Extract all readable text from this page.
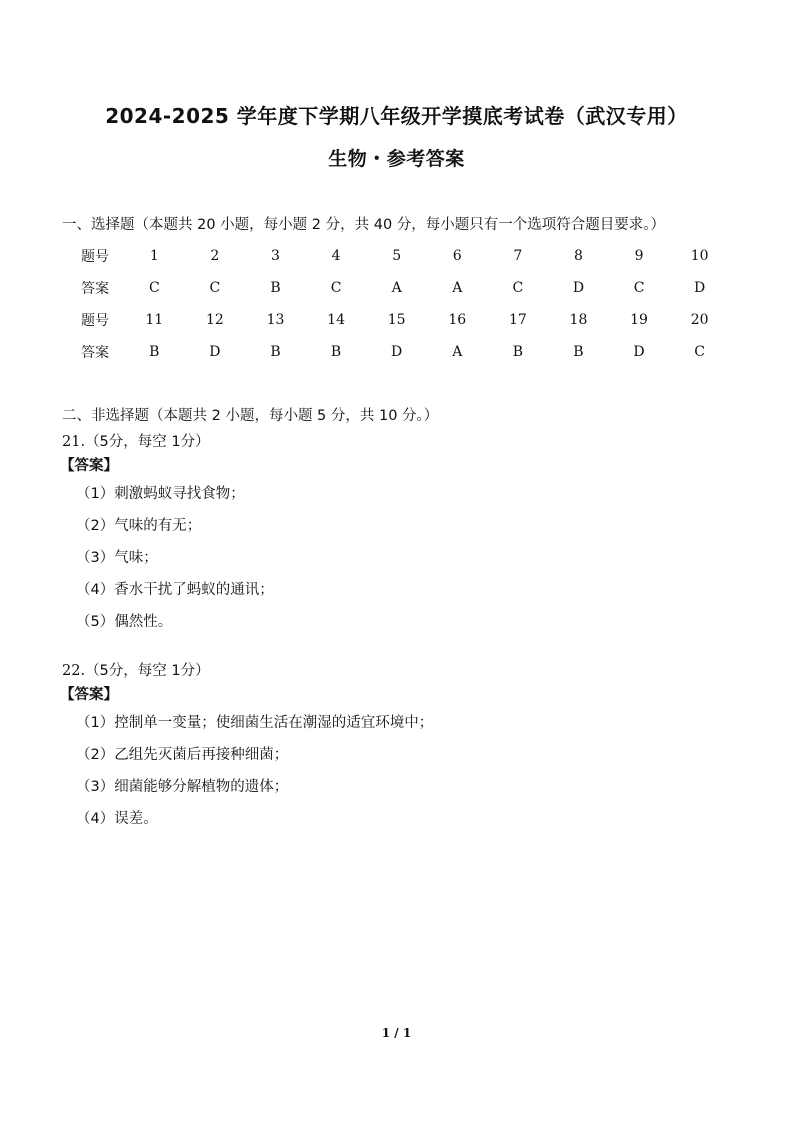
2024-2025 学年度下学期八年级开学摸底考试卷（武汉专用）
生物・参考答案
一、选择题（本题共 20 小题，每小题 2 分，共 40 分，每小题只有一个选项符合题目要求。）
题号	1	2	3	4	5	6	7	8	9	10
答案	C	C	B	C	A	A	C	D	C	D
题号	11	12	13	14	15	16	17	18	19	20
答案	B	D	B	B	D	A	B	B	D	C
二、非选择题（本题共 2 小题，每小题 5 分，共 10 分。）
21.（5分，每空 1分）
【答案】
（1）刺激蚂蚁寻找食物；
（2）气味的有无；
（3）气味；
（4）香水干扰了蚂蚁的通讯；
（5）偶然性。
22.（5分，每空 1分）
【答案】
（1）控制单一变量；使细菌生活在潮湿的适宜环境中；
（2）乙组先灭菌后再接种细菌；
（3）细菌能够分解植物的遗体；
（4）误差。
1 / 1
